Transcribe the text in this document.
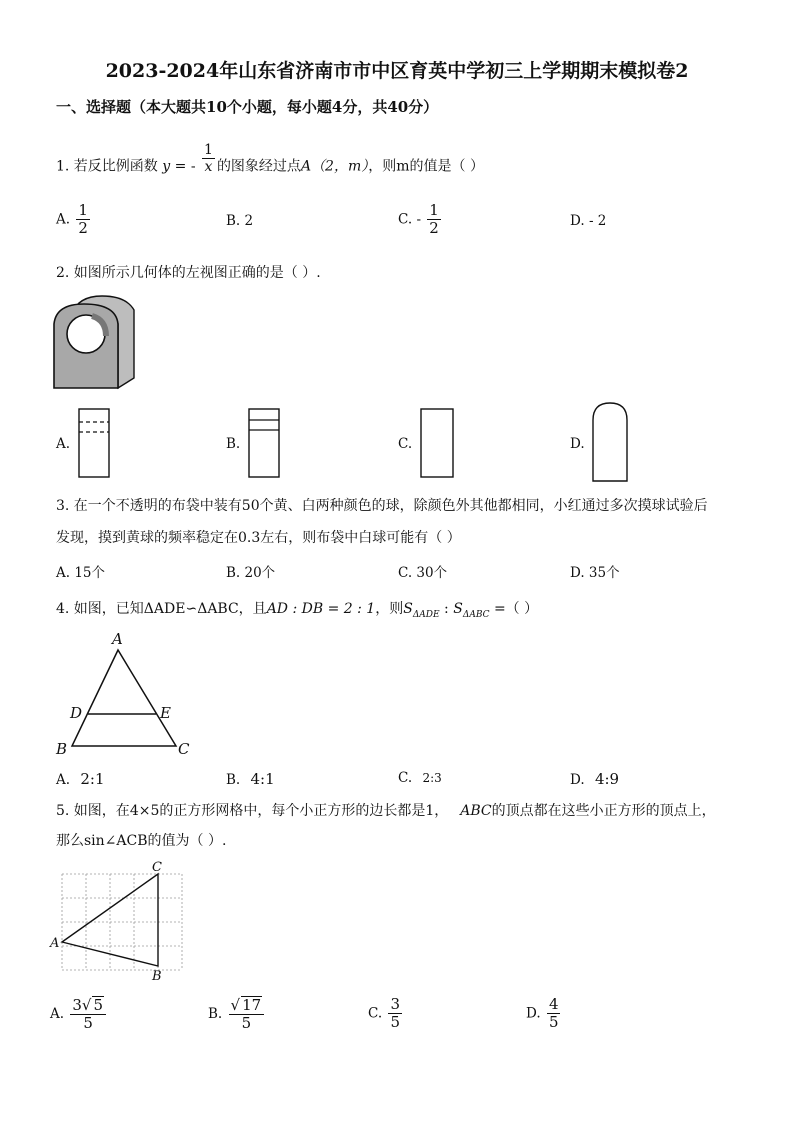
2023-2024年山东省济南市市中区育英中学初三上学期期末模拟卷2
一、选择题（本大题共10个小题，每小题4分，共40分）
1. 若反比例函数 y = - $\frac{1}{x}$ 的图象经过点A（2，m），则m的值是（ ）
A. $\frac{1}{2}$	B. 2	C. - $\frac{1}{2}$	D. - 2
2. 如图所示几何体的左视图正确的是（ ）.
A.	B.	C.	D.
3. 在一个不透明的布袋中装有50个黄、白两种颜色的球，除颜色外其他都相同，小红通过多次摸球试验后
发现，摸到黄球的频率稳定在0.3左右，则布袋中白球可能有（ ）
A. 15个	B. 20个	C. 30个	D. 35个
4. 如图，已知ΔADE∽ΔABC，且AD : DB = 2 : 1，则$S_{\Delta ADE}$ : $S_{\Delta ABC}$ =（ ）
A
D	E
B	C
A. 2:1	B. 4:1	C. 2:3	D. 4:9
5. 如图，在4×5的正方形网格中，每个小正方形的边长都是1， ABC的顶点都在这些小正方形的顶点上，
那么sin∠ACB的值为（ ）.
A
C
B
A. $\frac{3√ 5}{5}$	B. $\frac{√ 17}{5}$	C. $\frac{3}{5}$	D. $\frac{4}{5}$
